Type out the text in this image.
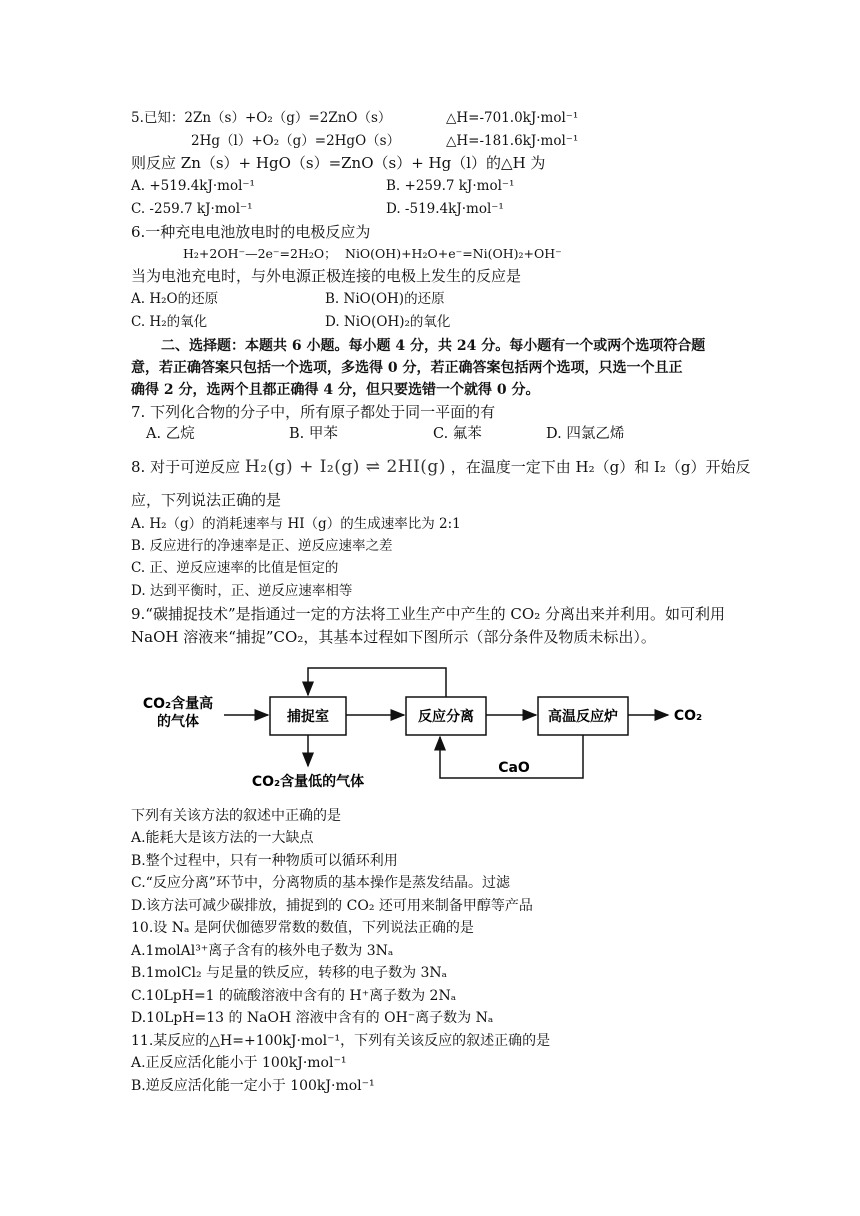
5.已知：2Zn（s）+O₂（g）=2ZnO（s）	△H=-701.0kJ·mol⁻¹
2Hg（l）+O₂（g）=2HgO（s）	△H=-181.6kJ·mol⁻¹
则反应 Zn（s）+ HgO（s）=ZnO（s）+ Hg（l）的△H 为
A. +519.4kJ·mol⁻¹	B. +259.7 kJ·mol⁻¹
C. -259.7 kJ·mol⁻¹	D. -519.4kJ·mol⁻¹
6.一种充电电池放电时的电极反应为
H₂+2OH⁻—2e⁻=2H₂O； NiO(OH)+H₂O+e⁻=Ni(OH)₂+OH⁻
当为电池充电时，与外电源正极连接的电极上发生的反应是
A. H₂O的还原	B. NiO(OH)的还原
C. H₂的氧化	D. NiO(OH)₂的氧化
二、选择题：本题共 6 小题。每小题 4 分，共 24 分。每小题有一个或两个选项符合题
意，若正确答案只包括一个选项，多选得 0 分，若正确答案包括两个选项，只选一个且正
确得 2 分，选两个且都正确得 4 分，但只要选错一个就得 0 分。
7. 下列化合物的分子中，所有原子都处于同一平面的有
A. 乙烷	B. 甲苯	C. 氟苯	D. 四氯乙烯
8. 对于可逆反应 H₂(g) + I₂(g) ⇌ 2HI(g) ，在温度一定下由 H₂（g）和 I₂（g）开始反
应，下列说法正确的是
A. H₂（g）的消耗速率与 HI（g）的生成速率比为 2:1
B. 反应进行的净速率是正、逆反应速率之差
C. 正、逆反应速率的比值是恒定的
D. 达到平衡时，正、逆反应速率相等
9.“碳捕捉技术”是指通过一定的方法将工业生产中产生的 CO₂ 分离出来并利用。如可利用
NaOH 溶液来“捕捉”CO₂，其基本过程如下图所示（部分条件及物质未标出）。
CO₂含量高
的气体	捕捉室
CO₂含量低的气体
反应分离	高温反应炉	CO₂
CaO
下列有关该方法的叙述中正确的是
A.能耗大是该方法的一大缺点
B.整个过程中，只有一种物质可以循环利用
C.“反应分离”环节中，分离物质的基本操作是蒸发结晶。过滤
D.该方法可减少碳排放，捕捉到的 CO₂ 还可用来制备甲醇等产品
10.设 Nₐ 是阿伏伽德罗常数的数值，下列说法正确的是
A.1molAl³⁺离子含有的核外电子数为 3Nₐ
B.1molCl₂ 与足量的铁反应，转移的电子数为 3Nₐ
C.10LpH=1 的硫酸溶液中含有的 H⁺离子数为 2Nₐ
D.10LpH=13 的 NaOH 溶液中含有的 OH⁻离子数为 Nₐ
11.某反应的△H=+100kJ·mol⁻¹，下列有关该反应的叙述正确的是
A.正反应活化能小于 100kJ·mol⁻¹
B.逆反应活化能一定小于 100kJ·mol⁻¹
